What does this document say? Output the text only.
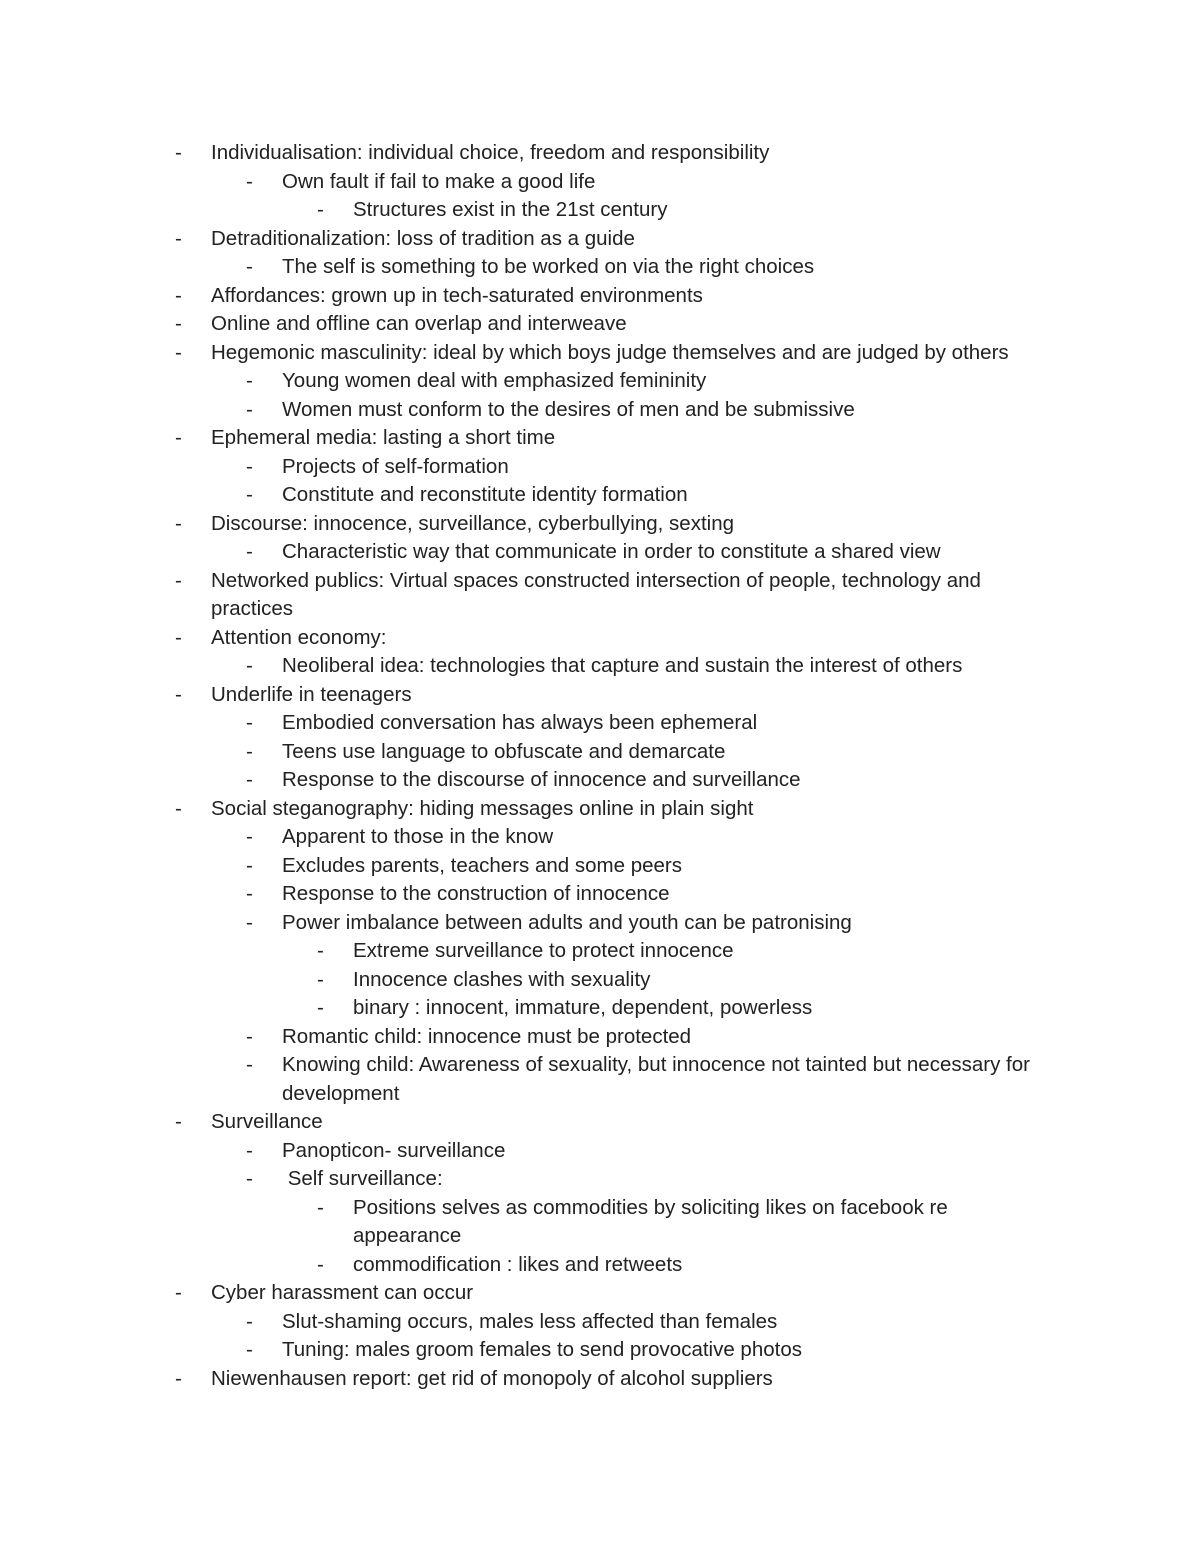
- Individualisation: individual choice, freedom and responsibility
- Own fault if fail to make a good life
- Structures exist in the 21st century
- Detraditionalization: loss of tradition as a guide
- The self is something to be worked on via the right choices
- Affordances: grown up in tech-saturated environments
- Online and offline can overlap and interweave
- Hegemonic masculinity: ideal by which boys judge themselves and are judged by others
- Young women deal with emphasized femininity
- Women must conform to the desires of men and be submissive
- Ephemeral media: lasting a short time
- Projects of self-formation
- Constitute and reconstitute identity formation
- Discourse: innocence, surveillance, cyberbullying, sexting
- Characteristic way that communicate in order to constitute a shared view
- Networked publics: Virtual spaces constructed intersection of people, technology and practices
- Attention economy:
- Neoliberal idea: technologies that capture and sustain the interest of others
- Underlife in teenagers
- Embodied conversation has always been ephemeral
- Teens use language to obfuscate and demarcate
- Response to the discourse of innocence and surveillance
- Social steganography: hiding messages online in plain sight
- Apparent to those in the know
- Excludes parents, teachers and some peers
- Response to the construction of innocence
- Power imbalance between adults and youth can be patronising
- Extreme surveillance to protect innocence
- Innocence clashes with sexuality
- binary : innocent, immature, dependent, powerless
- Romantic child: innocence must be protected
- Knowing child: Awareness of sexuality, but innocence not tainted but necessary for development
- Surveillance
- Panopticon- surveillance
- Self surveillance:
- Positions selves as commodities by soliciting likes on facebook re appearance
- commodification : likes and retweets
- Cyber harassment can occur
- Slut-shaming occurs, males less affected than females
- Tuning: males groom females to send provocative photos
- Niewenhausen report: get rid of monopoly of alcohol suppliers
